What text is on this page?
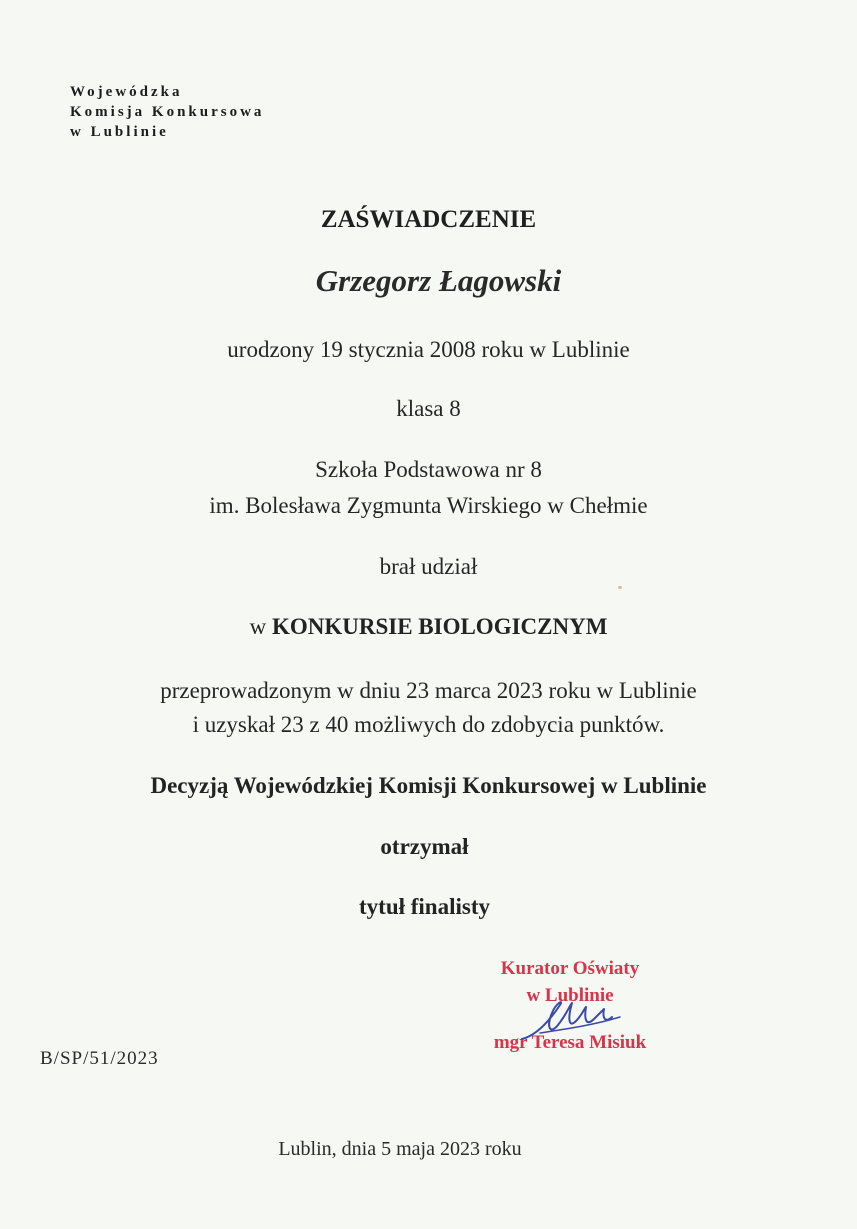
Wojewódzka
Komisja Konkursowa
w Lublinie
ZAŚWIADCZENIE
Grzegorz Łagowski
urodzony 19 stycznia 2008 roku w Lublinie
klasa 8
Szkoła Podstawowa nr 8
im. Bolesława Zygmunta Wirskiego w Chełmie
brał udział
w KONKURSIE BIOLOGICZNYM
przeprowadzonym w dniu 23 marca 2023 roku w Lublinie
i uzyskał 23 z 40 możliwych do zdobycia punktów.
Decyzją Wojewódzkiej Komisji Konkursowej w Lublinie
otrzymał
tytuł finalisty
Kurator Oświaty
w Lublinie
mgr Teresa Misiuk
B/SP/51/2023
Lublin, dnia 5 maja 2023 roku
